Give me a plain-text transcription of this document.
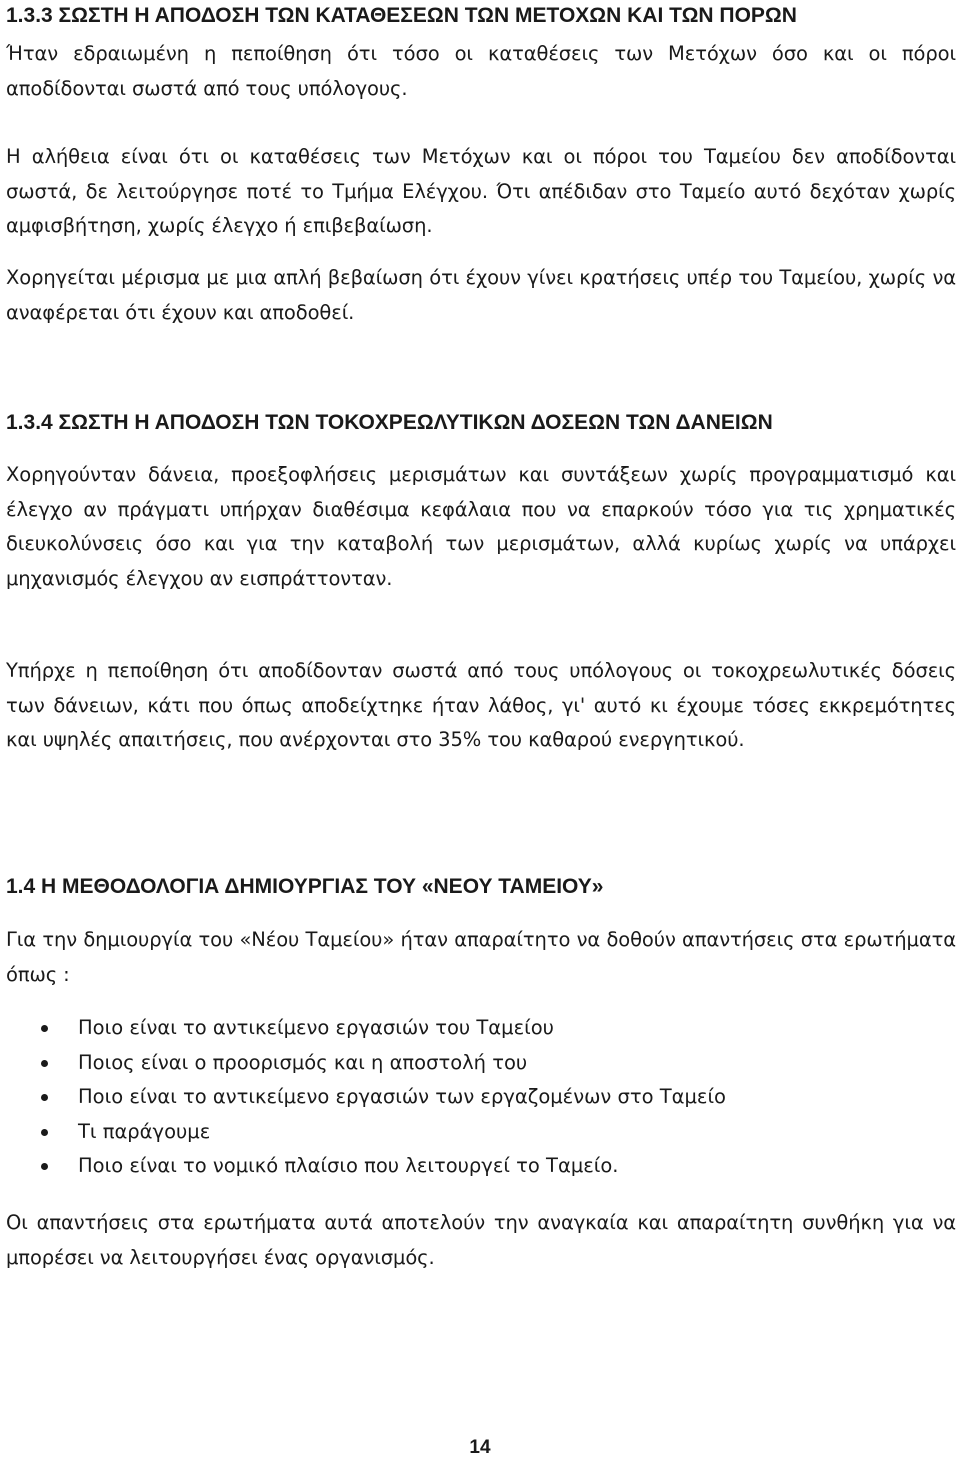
1.3.3 ΣΩΣΤΗ Η ΑΠΟΔΟΣΗ ΤΩΝ ΚΑΤΑΘΕΣΕΩΝ ΤΩΝ ΜΕΤΟΧΩΝ ΚΑΙ ΤΩΝ ΠΟΡΩΝ

Ήταν εδραιωμένη η πεποίθηση ότι τόσο οι καταθέσεις των Μετόχων όσο και οι πόροι αποδίδονται σωστά από τους υπόλογους.

Η αλήθεια είναι ότι οι καταθέσεις των Μετόχων και οι πόροι του Ταμείου δεν αποδίδονται σωστά, δε λειτούργησε ποτέ το Τμήμα Ελέγχου. Ότι απέδιδαν στο Ταμείο αυτό δεχόταν χωρίς αμφισβήτηση, χωρίς έλεγχο ή επιβεβαίωση.

Χορηγείται μέρισμα με μια απλή βεβαίωση ότι έχουν γίνει κρατήσεις υπέρ του Ταμείου, χωρίς να αναφέρεται ότι έχουν και αποδοθεί.

1.3.4 ΣΩΣΤΗ Η ΑΠΟΔΟΣΗ ΤΩΝ ΤΟΚΟΧΡΕΩΛΥΤΙΚΩΝ ΔΟΣΕΩΝ ΤΩΝ ΔΑΝΕΙΩΝ

Χορηγούνταν δάνεια, προεξοφλήσεις μερισμάτων και συντάξεων χωρίς προγραμματισμό και έλεγχο αν πράγματι υπήρχαν διαθέσιμα κεφάλαια που να επαρκούν τόσο για τις χρηματικές διευκολύνσεις όσο και για την καταβολή των μερισμάτων, αλλά κυρίως χωρίς να υπάρχει μηχανισμός έλεγχου αν εισπράττονταν.

Υπήρχε η πεποίθηση ότι αποδίδονταν σωστά από τους υπόλογους οι τοκοχρεωλυτικές δόσεις των δάνειων, κάτι που όπως αποδείχτηκε ήταν λάθος, γι' αυτό κι έχουμε τόσες εκκρεμότητες και υψηλές απαιτήσεις, που ανέρχονται στο 35% του καθαρού ενεργητικού.

1.4 Η ΜΕΘΟΔΟΛΟΓΙΑ ΔΗΜΙΟΥΡΓΙΑΣ ΤΟΥ «ΝΕΟΥ ΤΑΜΕΙΟΥ»

Για την δημιουργία του «Νέου Ταμείου» ήταν απαραίτητο να δοθούν απαντήσεις στα ερωτήματα όπως :

Ποιο είναι το αντικείμενο εργασιών του Ταμείου
Ποιος είναι ο προορισμός και η αποστολή του
Ποιο είναι το αντικείμενο εργασιών των εργαζομένων στο Ταμείο
Τι παράγουμε
Ποιο είναι το νομικό πλαίσιο που λειτουργεί το Ταμείο.

Οι απαντήσεις στα ερωτήματα αυτά αποτελούν την αναγκαία και απαραίτητη συνθήκη για να μπορέσει να λειτουργήσει ένας οργανισμός.

14
